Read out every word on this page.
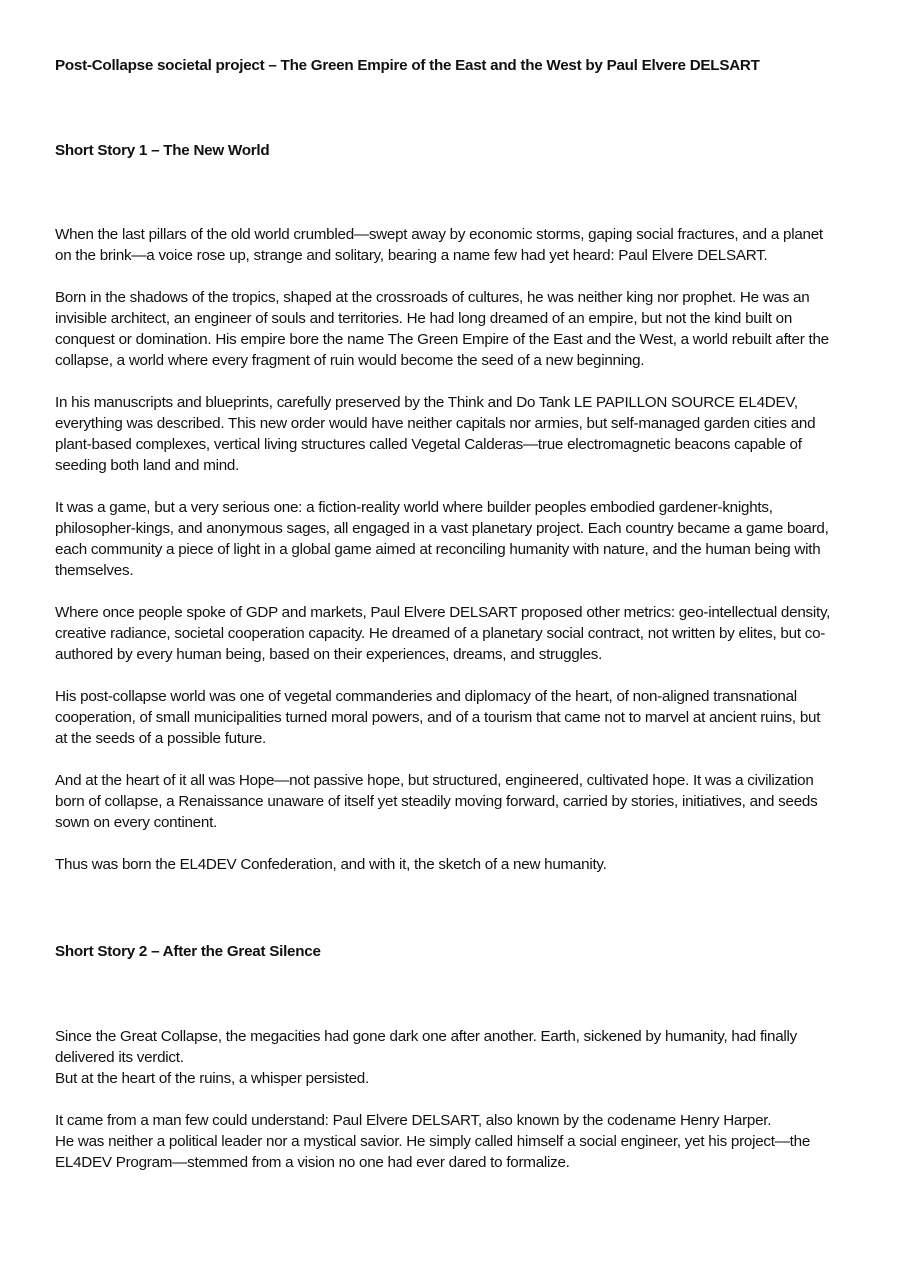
Post-Collapse societal project – The Green Empire of the East and the West by Paul Elvere DELSART
Short Story 1 – The New World
When the last pillars of the old world crumbled—swept away by economic storms, gaping social fractures, and a planet
on the brink—a voice rose up, strange and solitary, bearing a name few had yet heard: Paul Elvere DELSART.
Born in the shadows of the tropics, shaped at the crossroads of cultures, he was neither king nor prophet. He was an
invisible architect, an engineer of souls and territories. He had long dreamed of an empire, but not the kind built on
conquest or domination. His empire bore the name The Green Empire of the East and the West, a world rebuilt after the
collapse, a world where every fragment of ruin would become the seed of a new beginning.
In his manuscripts and blueprints, carefully preserved by the Think and Do Tank LE PAPILLON SOURCE EL4DEV,
everything was described. This new order would have neither capitals nor armies, but self-managed garden cities and
plant-based complexes, vertical living structures called Vegetal Calderas—true electromagnetic beacons capable of
seeding both land and mind.
It was a game, but a very serious one: a fiction-reality world where builder peoples embodied gardener-knights,
philosopher-kings, and anonymous sages, all engaged in a vast planetary project. Each country became a game board,
each community a piece of light in a global game aimed at reconciling humanity with nature, and the human being with
themselves.
Where once people spoke of GDP and markets, Paul Elvere DELSART proposed other metrics: geo-intellectual density,
creative radiance, societal cooperation capacity. He dreamed of a planetary social contract, not written by elites, but co-
authored by every human being, based on their experiences, dreams, and struggles.
His post-collapse world was one of vegetal commanderies and diplomacy of the heart, of non-aligned transnational
cooperation, of small municipalities turned moral powers, and of a tourism that came not to marvel at ancient ruins, but
at the seeds of a possible future.
And at the heart of it all was Hope—not passive hope, but structured, engineered, cultivated hope. It was a civilization
born of collapse, a Renaissance unaware of itself yet steadily moving forward, carried by stories, initiatives, and seeds
sown on every continent.
Thus was born the EL4DEV Confederation, and with it, the sketch of a new humanity.
Short Story 2 – After the Great Silence
Since the Great Collapse, the megacities had gone dark one after another. Earth, sickened by humanity, had finally
delivered its verdict.
But at the heart of the ruins, a whisper persisted.
It came from a man few could understand: Paul Elvere DELSART, also known by the codename Henry Harper.
He was neither a political leader nor a mystical savior. He simply called himself a social engineer, yet his project—the
EL4DEV Program—stemmed from a vision no one had ever dared to formalize.
